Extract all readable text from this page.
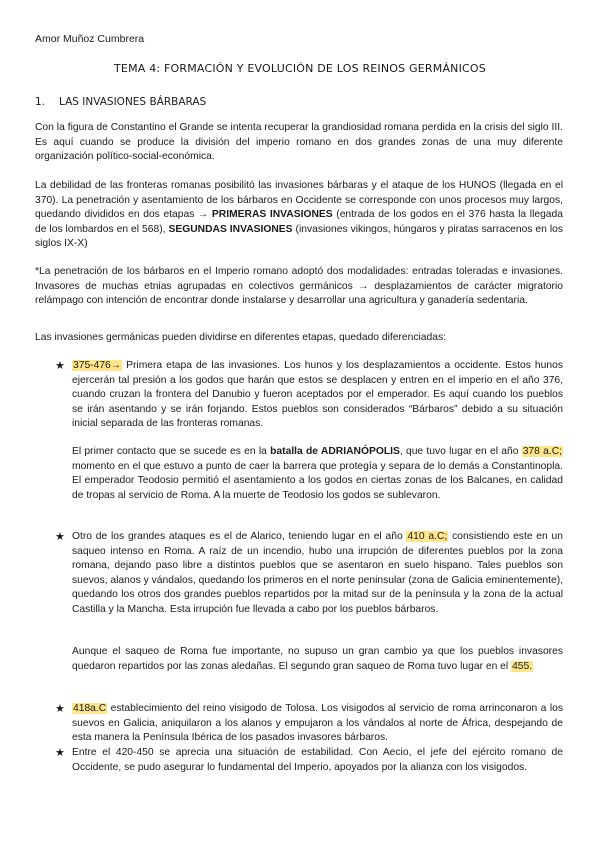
Amor Muñoz Cumbrera
TEMA 4: FORMACIÓN Y EVOLUCIÓN DE LOS REINOS GERMÁNICOS
1. LAS INVASIONES BÁRBARAS

Con la figura de Constantino el Grande se intenta recuperar la grandiosidad romana perdida en la crisis del siglo III. Es aquí cuando se produce la división del imperio romano en dos grandes zonas de una muy diferente organización político-social-económica.

La debilidad de las fronteras romanas posibilitó las invasiones bárbaras y el ataque de los HUNOS (llegada en el 370). La penetración y asentamiento de los bárbaros en Occidente se corresponde con unos procesos muy largos, quedando divididos en dos etapas → PRIMERAS INVASIONES (entrada de los godos en el 376 hasta la llegada de los lombardos en el 568), SEGUNDAS INVASIONES (invasiones vikingos, húngaros y piratas sarracenos en los siglos IX-X)

*La penetración de los bárbaros en el Imperio romano adoptó dos modalidades: entradas toleradas e invasiones. Invasores de muchas etnias agrupadas en colectivos germánicos → desplazamientos de carácter migratorio relámpago con intención de encontrar donde instalarse y desarrollar una agricultura y ganadería sedentaria.

Las invasiones germánicas pueden dividirse en diferentes etapas, quedado diferenciadas:

★ 375-476→ Primera etapa de las invasiones. Los hunos y los desplazamientos a occidente. Estos hunos ejercerán tal presión a los godos que harán que estos se desplacen y entren en el imperio en el año 376, cuando cruzan la frontera del Danubio y fueron aceptados por el emperador. Es aquí cuando los pueblos se irán asentando y se irán forjando. Estos pueblos son considerados “Bárbaros” debido a su situación inicial separada de las fronteras romanas.

El primer contacto que se sucede es en la batalla de ADRIANÓPOLIS, que tuvo lugar en el año 378 a.C; momento en el que estuvo a punto de caer la barrera que protegía y separa de lo demás a Constantinopla. El emperador Teodosio permitió el asentamiento a los godos en ciertas zonas de los Balcanes, en calidad de tropas al servicio de Roma. A la muerte de Teodosio los godos se sublevaron.

★ Otro de los grandes ataques es el de Alarico, teniendo lugar en el año 410 a.C; consistiendo este en un saqueo intenso en Roma. A raíz de un incendio, hubo una irrupción de diferentes pueblos por la zona romana, dejando paso libre a distintos pueblos que se asentaron en suelo hispano. Tales pueblos son suevos, alanos y vándalos, quedando los primeros en el norte peninsular (zona de Galicia eminentemente), quedando los otros dos grandes pueblos repartidos por la mitad sur de la península y la zona de la actual Castilla y la Mancha. Esta irrupción fue llevada a cabo por los pueblos bárbaros.

Aunque el saqueo de Roma fue importante, no supuso un gran cambio ya que los pueblos invasores quedaron repartidos por las zonas aledañas. El segundo gran saqueo de Roma tuvo lugar en el 455.

★ 418a.C establecimiento del reino visigodo de Tolosa. Los visigodos al servicio de roma arrinconaron a los suevos en Galicia, aniquilaron a los alanos y empujaron a los vándalos al norte de África, despejando de esta manera la Península Ibérica de los pasados invasores bárbaros.

★ Entre el 420-450 se aprecia una situación de estabilidad. Con Aecio, el jefe del ejército romano de Occidente, se pudo asegurar lo fundamental del Imperio, apoyados por la alianza con los visigodos.
